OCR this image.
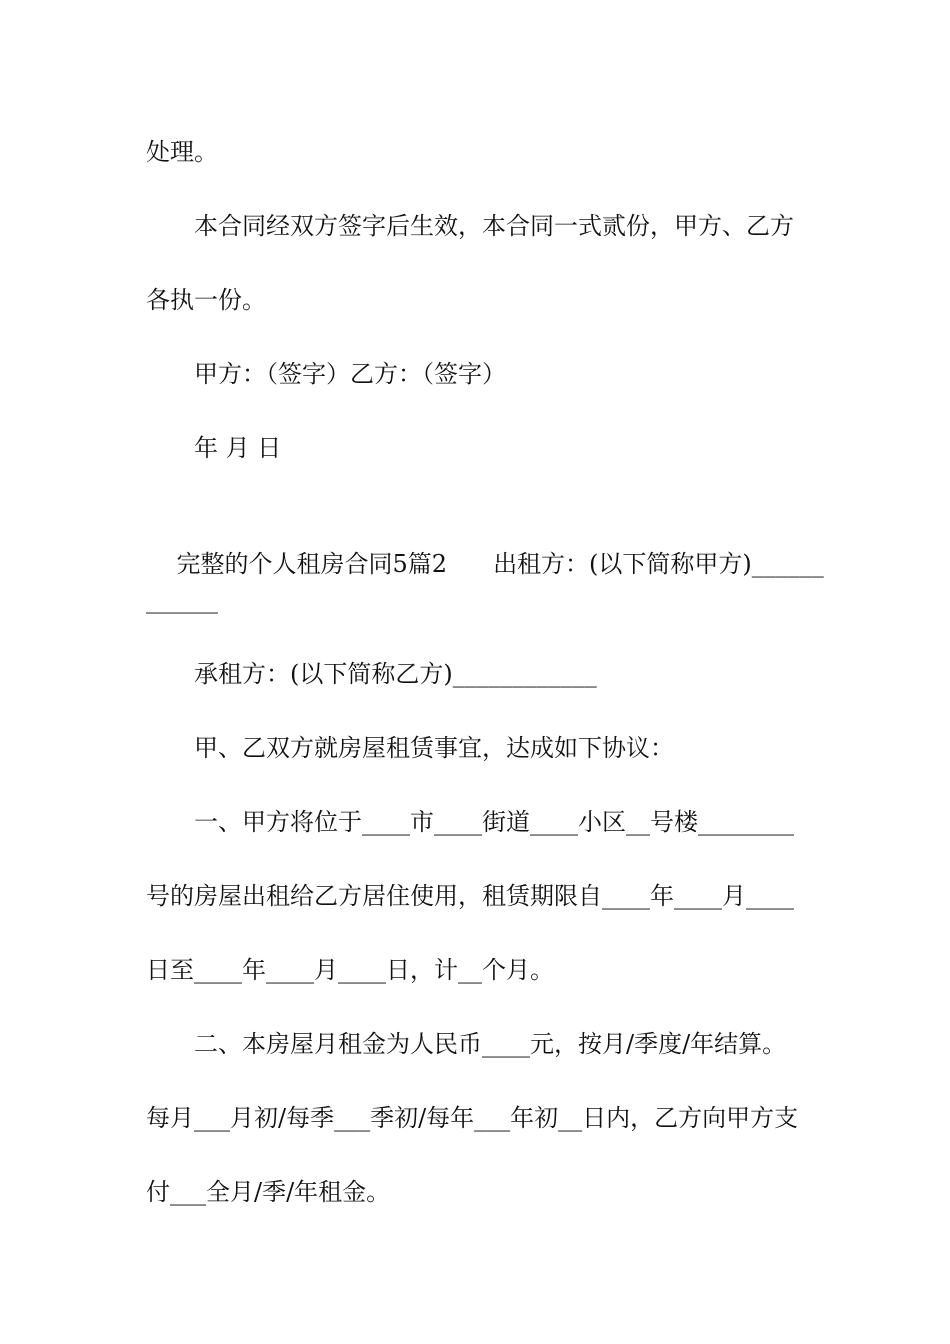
处理。
本合同经双方签字后生效，本合同一式贰份，甲方、乙方
各执一份。
甲方：（签字）乙方：（签字）
年 月 日

完整的个人租房合同5篇2 出租方：(以下简称甲方)______

______
承租方：(以下简称乙方)____________
甲、乙双方就房屋租赁事宜，达成如下协议：
一、甲方将位于____市____街道____小区__号楼________
号的房屋出租给乙方居住使用，租赁期限自____年____月____
日至____年____月____日，计__个月。
二、本房屋月租金为人民币____元，按月/季度/年结算。
每月___月初/每季___季初/每年___年初__日内，乙方向甲方支
付___全月/季/年租金。
